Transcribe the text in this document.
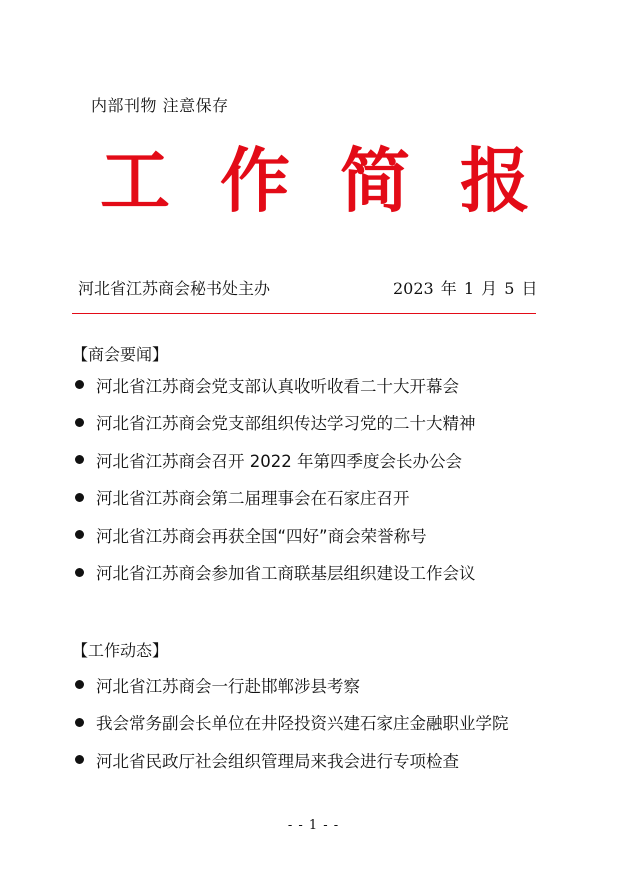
内部刊物 注意保存
工 作 简 报
河北省江苏商会秘书处主办	2023 年 1 月 5 日
【商会要闻】
河北省江苏商会党支部认真收听收看二十大开幕会
河北省江苏商会党支部组织传达学习党的二十大精神
河北省江苏商会召开 2022 年第四季度会长办公会
河北省江苏商会第二届理事会在石家庄召开
河北省江苏商会再获全国“四好”商会荣誉称号
河北省江苏商会参加省工商联基层组织建设工作会议
【工作动态】
河北省江苏商会一行赴邯郸涉县考察
我会常务副会长单位在井陉投资兴建石家庄金融职业学院
河北省民政厅社会组织管理局来我会进行专项检查
- - 1 - -
